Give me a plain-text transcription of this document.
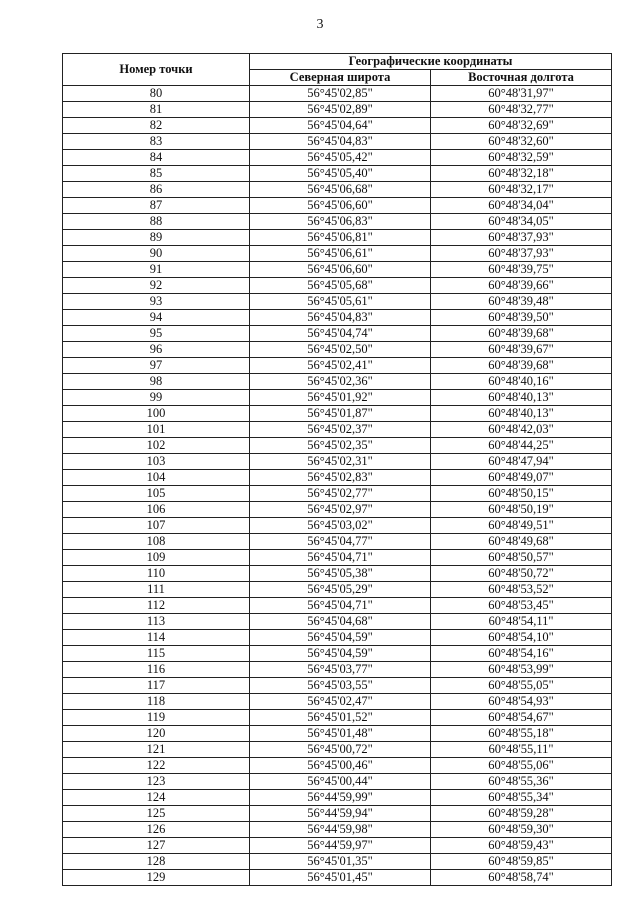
3
Номер точки	Географические координаты	
	Северная широта	Восточная долгота
80	56°45'02,85"	60°48'31,97"
81	56°45'02,89"	60°48'32,77"
82	56°45'04,64"	60°48'32,69"
83	56°45'04,83"	60°48'32,60"
84	56°45'05,42"	60°48'32,59"
85	56°45'05,40"	60°48'32,18"
86	56°45'06,68"	60°48'32,17"
87	56°45'06,60"	60°48'34,04"
88	56°45'06,83"	60°48'34,05"
89	56°45'06,81"	60°48'37,93"
90	56°45'06,61"	60°48'37,93"
91	56°45'06,60"	60°48'39,75"
92	56°45'05,68"	60°48'39,66"
93	56°45'05,61"	60°48'39,48"
94	56°45'04,83"	60°48'39,50"
95	56°45'04,74"	60°48'39,68"
96	56°45'02,50"	60°48'39,67"
97	56°45'02,41"	60°48'39,68"
98	56°45'02,36"	60°48'40,16"
99	56°45'01,92"	60°48'40,13"
100	56°45'01,87"	60°48'40,13"
101	56°45'02,37"	60°48'42,03"
102	56°45'02,35"	60°48'44,25"
103	56°45'02,31"	60°48'47,94"
104	56°45'02,83"	60°48'49,07"
105	56°45'02,77"	60°48'50,15"
106	56°45'02,97"	60°48'50,19"
107	56°45'03,02"	60°48'49,51"
108	56°45'04,77"	60°48'49,68"
109	56°45'04,71"	60°48'50,57"
110	56°45'05,38"	60°48'50,72"
111	56°45'05,29"	60°48'53,52"
112	56°45'04,71"	60°48'53,45"
113	56°45'04,68"	60°48'54,11"
114	56°45'04,59"	60°48'54,10"
115	56°45'04,59"	60°48'54,16"
116	56°45'03,77"	60°48'53,99"
117	56°45'03,55"	60°48'55,05"
118	56°45'02,47"	60°48'54,93"
119	56°45'01,52"	60°48'54,67"
120	56°45'01,48"	60°48'55,18"
121	56°45'00,72"	60°48'55,11"
122	56°45'00,46"	60°48'55,06"
123	56°45'00,44"	60°48'55,36"
124	56°44'59,99"	60°48'55,34"
125	56°44'59,94"	60°48'59,28"
126	56°44'59,98"	60°48'59,30"
127	56°44'59,97"	60°48'59,43"
128	56°45'01,35"	60°48'59,85"
129	56°45'01,45"	60°48'58,74"
